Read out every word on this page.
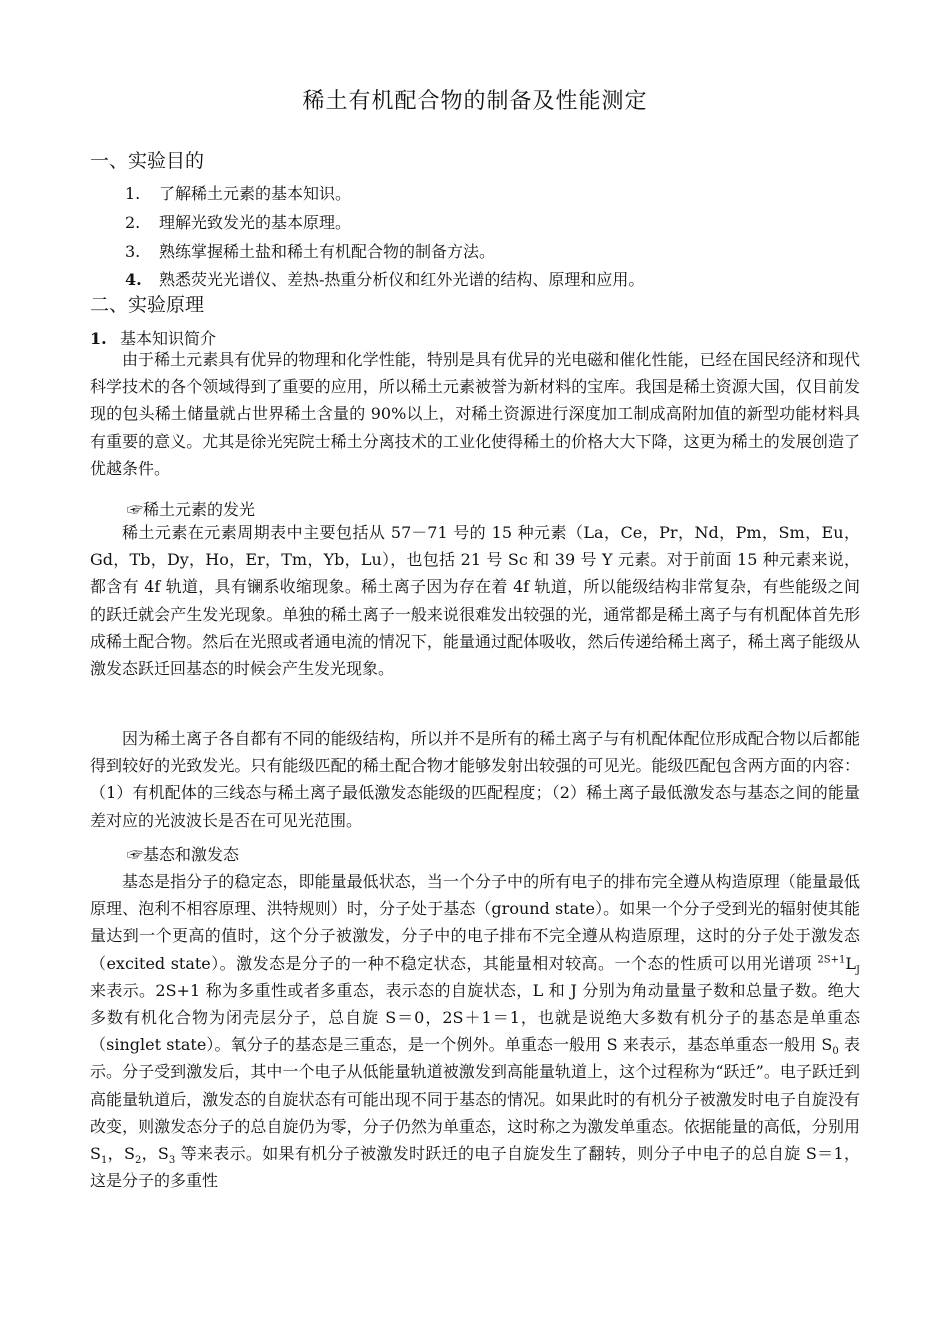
稀土有机配合物的制备及性能测定
一、实验目的
1. 了解稀土元素的基本知识。
2. 理解光致发光的基本原理。
3. 熟练掌握稀土盐和稀土有机配合物的制备方法。
4. 熟悉荧光光谱仪、差热-热重分析仪和红外光谱的结构、原理和应用。
二、实验原理
1. 基本知识简介

由于稀土元素具有优异的物理和化学性能，特别是具有优异的光电磁和催化性能，已经在国民经济和现代科学技术的各个领域得到了重要的应用，所以稀土元素被誉为新材料的宝库。我国是稀土资源大国，仅目前发现的包头稀土储量就占世界稀土含量的 90%以上，对稀土资源进行深度加工制成高附加值的新型功能材料具有重要的意义。尤其是徐光宪院士稀土分离技术的工业化使得稀土的价格大大下降，这更为稀土的发展创造了优越条件。

☞稀土元素的发光

稀土元素在元素周期表中主要包括从 57－71 号的 15 种元素（La，Ce，Pr，Nd，Pm，Sm，Eu，Gd，Tb，Dy，Ho，Er，Tm，Yb，Lu），也包括 21 号 Sc 和 39 号 Y 元素。对于前面 15 种元素来说，都含有 4f 轨道，具有镧系收缩现象。稀土离子因为存在着 4f 轨道，所以能级结构非常复杂，有些能级之间的跃迁就会产生发光现象。单独的稀土离子一般来说很难发出较强的光，通常都是稀土离子与有机配体首先形成稀土配合物。然后在光照或者通电流的情况下，能量通过配体吸收，然后传递给稀土离子，稀土离子能级从激发态跃迁回基态的时候会产生发光现象。

因为稀土离子各自都有不同的能级结构，所以并不是所有的稀土离子与有机配体配位形成配合物以后都能得到较好的光致发光。只有能级匹配的稀土配合物才能够发射出较强的可见光。能级匹配包含两方面的内容：（1）有机配体的三线态与稀土离子最低激发态能级的匹配程度；（2）稀土离子最低激发态与基态之间的能量差对应的光波波长是否在可见光范围。

☞基态和激发态

基态是指分子的稳定态，即能量最低状态，当一个分子中的所有电子的排布完全遵从构造原理（能量最低原理、泡利不相容原理、洪特规则）时，分子处于基态（ground state）。如果一个分子受到光的辐射使其能量达到一个更高的值时，这个分子被激发，分子中的电子排布不完全遵从构造原理，这时的分子处于激发态（excited state）。激发态是分子的一种不稳定状态，其能量相对较高。一个态的性质可以用光谱项 $^{2S+1}L_J$ 来表示。2S+1 称为多重性或者多重态，表示态的自旋状态，L 和 J 分别为角动量量子数和总量子数。绝大多数有机化合物为闭壳层分子，总自旋 S＝0，2S＋1＝1，也就是说绝大多数有机分子的基态是单重态（singlet state）。氧分子的基态是三重态，是一个例外。单重态一般用 S 来表示，基态单重态一般用 $S_0$ 表示。分子受到激发后，其中一个电子从低能量轨道被激发到高能量轨道上，这个过程称为“跃迁”。电子跃迁到高能量轨道后，激发态的自旋状态有可能出现不同于基态的情况。如果此时的有机分子被激发时电子自旋没有改变，则激发态分子的总自旋仍为零，分子仍然为单重态，这时称之为激发单重态。依据能量的高低，分别用 $S_1$，$S_2$，$S_3$ 等来表示。如果有机分子被激发时跃迁的电子自旋发生了翻转，则分子中电子的总自旋 S＝1，这是分子的多重性
